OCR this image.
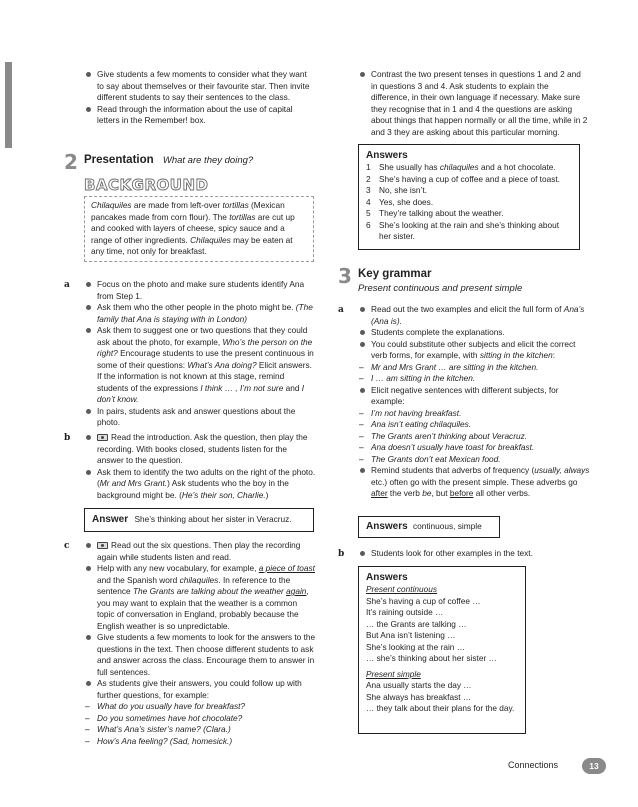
Give students a few moments to consider what they want to say about themselves or their favourite star. Then invite different students to say their sentences to the class.
Read through the information about the use of capital letters in the Remember! box.
2 Presentation What are they doing?
BACKGROUND
Chilaquiles are made from left-over tortillas (Mexican pancakes made from corn flour). The tortillas are cut up and cooked with layers of cheese, spicy sauce and a range of other ingredients. Chilaquiles may be eaten at any time, not only for breakfast.
a	Focus on the photo and make sure students identify Ana from Step 1.
Ask them who the other people in the photo might be. (The family that Ana is staying with in London)
Ask them to suggest one or two questions that they could ask about the photo, for example, Who’s the person on the right? Encourage students to use the present continuous in some of their questions: What’s Ana doing? Elicit answers. If the information is not known at this stage, remind students of the expressions I think … , I’m not sure and I don’t know.
In pairs, students ask and answer questions about the photo.
b	Read the introduction. Ask the question, then play the recording. With books closed, students listen for the answer to the question.
Ask them to identify the two adults on the right of the photo. (Mr and Mrs Grant.) Ask students who the boy in the background might be. (He’s their son, Charlie.)
Answer She’s thinking about her sister in Veracruz.
c	Read out the six questions. Then play the recording again while students listen and read.
Help with any new vocabulary, for example, a piece of toast and the Spanish word chilaquiles. In reference to the sentence The Grants are talking about the weather again, you may want to explain that the weather is a common topic of conversation in England, probably because the English weather is so unpredictable.
Give students a few moments to look for the answers to the questions in the text. Then choose different students to ask and answer across the class. Encourage them to answer in full sentences.
As students give their answers, you could follow up with further questions, for example:
– What do you usually have for breakfast?
– Do you sometimes have hot chocolate?
– What’s Ana’s sister’s name? (Clara.)
– How’s Ana feeling? (Sad, homesick.)
Contrast the two present tenses in questions 1 and 2 and in questions 3 and 4. Ask students to explain the difference, in their own language if necessary. Make sure they recognise that in 1 and 4 the questions are asking about things that happen normally or all the time, while in 2 and 3 they are asking about this particular morning.
Answers
1 She usually has chilaquiles and a hot chocolate.
2 She’s having a cup of coffee and a piece of toast.
3 No, she isn’t.
4 Yes, she does.
5 They’re talking about the weather.
6 She’s looking at the rain and she’s thinking about her sister.
3 Key grammar
Present continuous and present simple
a	Read out the two examples and elicit the full form of Ana’s (Ana is).
Students complete the explanations.
You could substitute other subjects and elicit the correct verb forms, for example, with sitting in the kitchen:
– Mr and Mrs Grant … are sitting in the kitchen.
– I … am sitting in the kitchen.
Elicit negative sentences with different subjects, for example:
– I’m not having breakfast.
– Ana isn’t eating chilaquiles.
– The Grants aren’t thinking about Veracruz.
– Ana doesn’t usually have toast for breakfast.
– The Grants don’t eat Mexican food.
Remind students that adverbs of frequency (usually, always etc.) often go with the present simple. These adverbs go after the verb be, but before all other verbs.
Answers continuous, simple
b	Students look for other examples in the text.
Answers
Present continuous
She’s having a cup of coffee …
It’s raining outside …
… the Grants are talking …
But Ana isn’t listening …
She’s looking at the rain …
… she’s thinking about her sister …
Present simple
Ana usually starts the day …
She always has breakfast …
… they talk about their plans for the day.
Connections	13
